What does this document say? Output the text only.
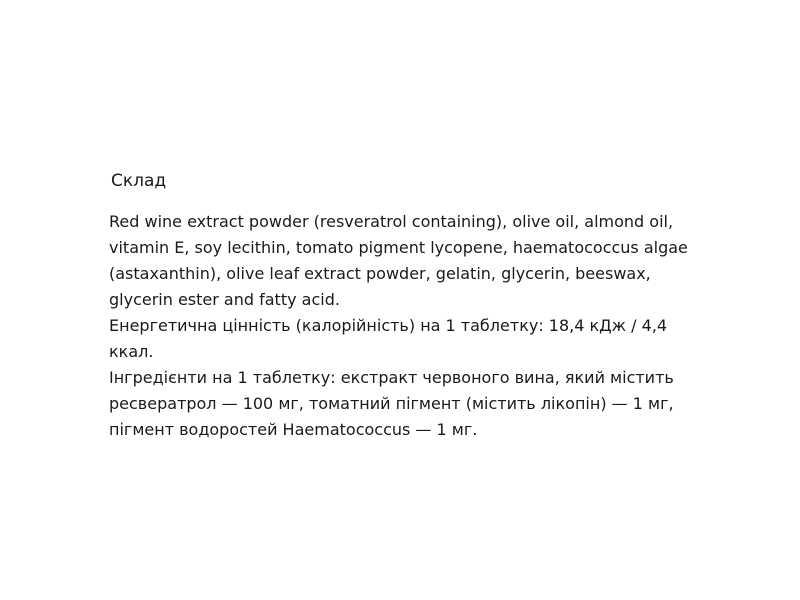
Склад

Red wine extract powder (resveratrol containing), olive oil, almond oil, vitamin E, soy lecithin, tomato pigment lycopene, haematococcus algae (astaxanthin), olive leaf extract powder, gelatin, glycerin, beeswax, glycerin ester and fatty acid.

Енергетична цінність (калорійність) на 1 таблетку: 18,4 кДж / 4,4 ккал.

Інгредієнти на 1 таблетку: екстракт червоного вина, який містить ресвератрол — 100 мг, томатний пігмент (містить лікопін) — 1 мг, пігмент водоростей Haematococcus — 1 мг.
